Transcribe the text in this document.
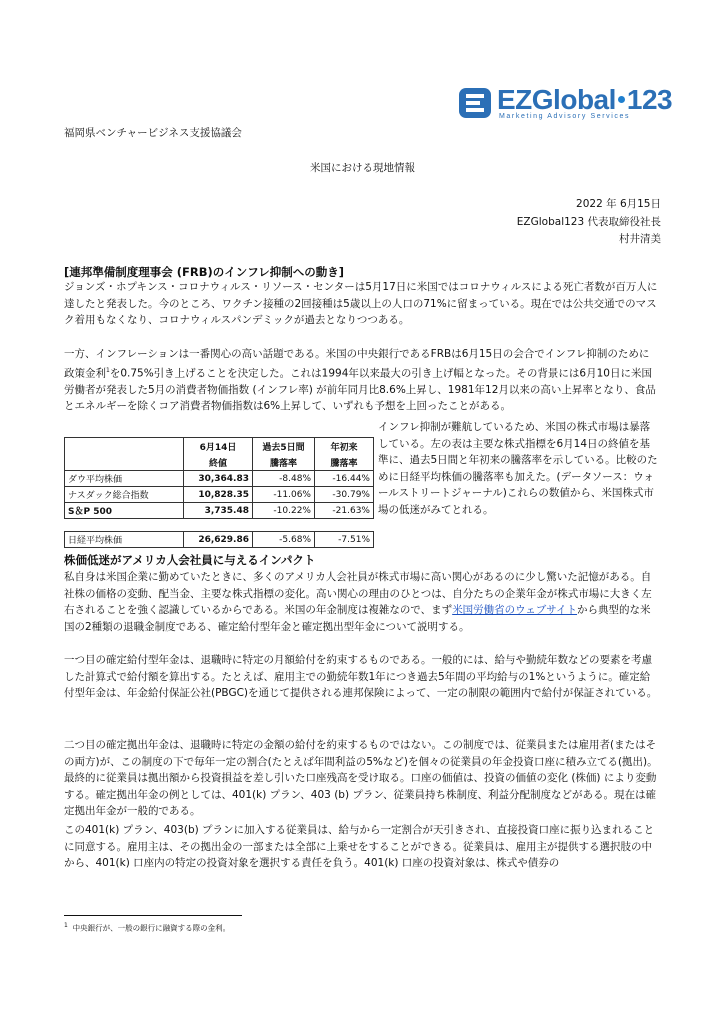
EZGlobal 123
Marketing Advisory Services
福岡県ベンチャービジネス支援協議会
米国における現地情報
2022 年 6月15日
EZGlobal123 代表取締役社長
村井清美
[連邦準備制度理事会 (FRB)のインフレ抑制への動き]
ジョンズ・ホプキンス・コロナウィルス・リソース・センターは5月17日に米国ではコロナウィルスによる死亡者数が百万人に達したと発表した。今のところ、ワクチン接種の2回接種は5歳以上の人口の71%に留まっている。現在では公共交通でのマスク着用もなくなり、コロナウィルスパンデミックが過去となりつつある。
一方、インフレーションは一番関心の高い話題である。米国の中央銀行であるFRBは6月15日の会合でインフレ抑制のために政策金利$^1$を0.75%引き上げることを決定した。これは1994年以来最大の引き上げ幅となった。その背景には6月10日に米国労働者が発表した5月の消費者物価指数 (インフレ率) が前年同月比8.6%上昇し、1981年12月以来の高い上昇率となり、食品とエネルギーを除くコア消費者物価指数は6%上昇して、いずれも予想を上回ったことがある。
	6月14日	過去5日間	年初来
	終値	騰落率	騰落率
ダウ平均株価	30,364.83	-8.48%	-16.44%
ナスダック総合指数	10,828.35	-11.06%	-30.79%
S＆P 500	3,735.48	-10.22%	-21.63%
日経平均株価	26,629.86	-5.68%	-7.51%
インフレ抑制が難航しているため、米国の株式市場は暴落している。左の表は主要な株式指標を6月14日の終値を基準に、過去5日間と年初来の騰落率を示している。比較のために日経平均株価の騰落率も加えた。(データソース：ウォールストリートジャーナル)これらの数値から、米国株式市場の低迷がみてとれる。
株価低迷がアメリカ人会社員に与えるインパクト
私自身は米国企業に勤めていたときに、多くのアメリカ人会社員が株式市場に高い関心があるのに少し驚いた記憶がある。自社株の価格の変動、配当金、主要な株式指標の変化。高い関心の理由のひとつは、自分たちの企業年金が株式市場に大きく左右されることを強く認識しているからである。米国の年金制度は複雑なので、まず米国労働省のウェブサイトから典型的な米国の2種類の退職金制度である、確定給付型年金と確定拠出型年金について説明する。
一つ目の確定給付型年金は、退職時に特定の月額給付を約束するものである。一般的には、給与や勤続年数などの要素を考慮した計算式で給付額を算出する。たとえば、雇用主での勤続年数1年につき過去5年間の平均給与の1%というように。確定給付型年金は、年金給付保証公社(PBGC)を通じて提供される連邦保険によって、一定の制限の範囲内で給付が保証されている。
二つ目の確定拠出年金は、退職時に特定の金額の給付を約束するものではない。この制度では、従業員または雇用者(またはその両方)が、この制度の下で毎年一定の割合(たとえば年間利益の5%など)を個々の従業員の年金投資口座に積み立てる(拠出)。最終的に従業員は拠出額から投資損益を差し引いた口座残高を受け取る。口座の価値は、投資の価値の変化 (株価) により変動する。確定拠出年金の例としては、401(k) プラン、403 (b) プラン、従業員持ち株制度、利益分配制度などがある。現在は確定拠出年金が一般的である。
この401(k) プラン、403(b) プランに加入する従業員は、給与から一定割合が天引きされ、直接投資口座に振り込まれることに同意する。雇用主は、その拠出金の一部または全部に上乗せをすることができる。従業員は、雇用主が提供する選択肢の中から、401(k) 口座内の特定の投資対象を選択する責任を負う。401(k) 口座の投資対象は、株式や債券の
$^1$ 中央銀行が、一般の銀行に融資する際の金利。
